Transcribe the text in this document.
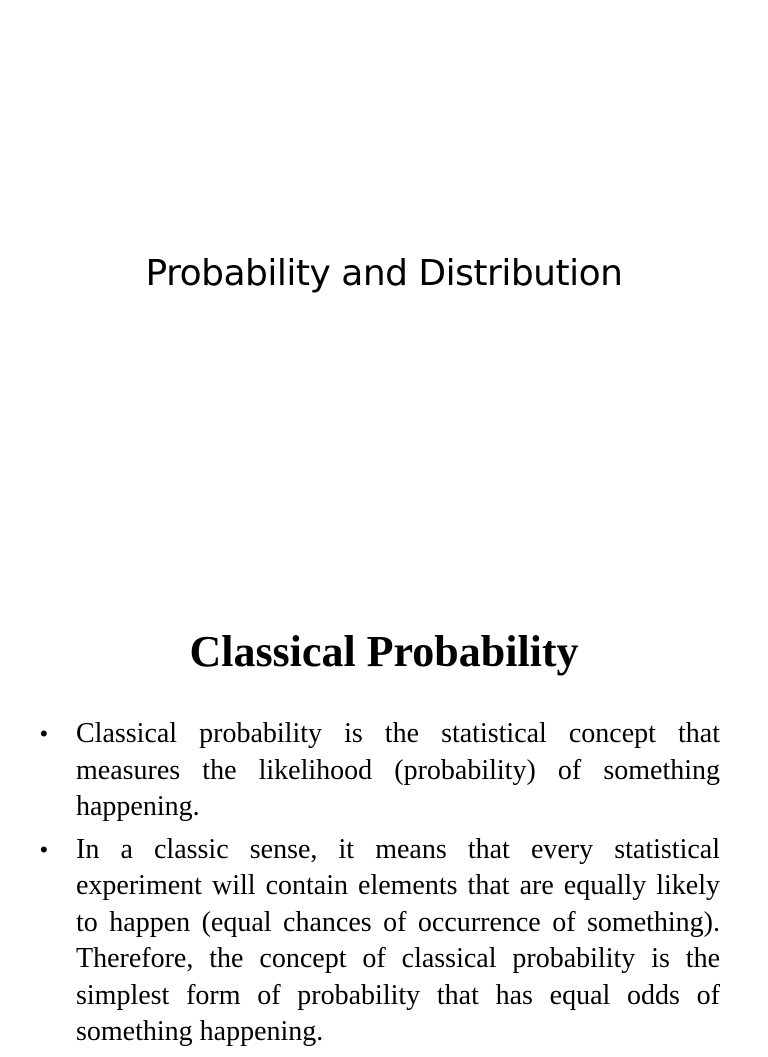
Probability and Distribution
Classical Probability
•	Classical probability is the statistical concept that measures the likelihood (probability) of something happening.
•	In a classic sense, it means that every statistical experiment will contain elements that are equally likely to happen (equal chances of occurrence of something). Therefore, the concept of classical probability is the simplest form of probability that has equal odds of something happening.
